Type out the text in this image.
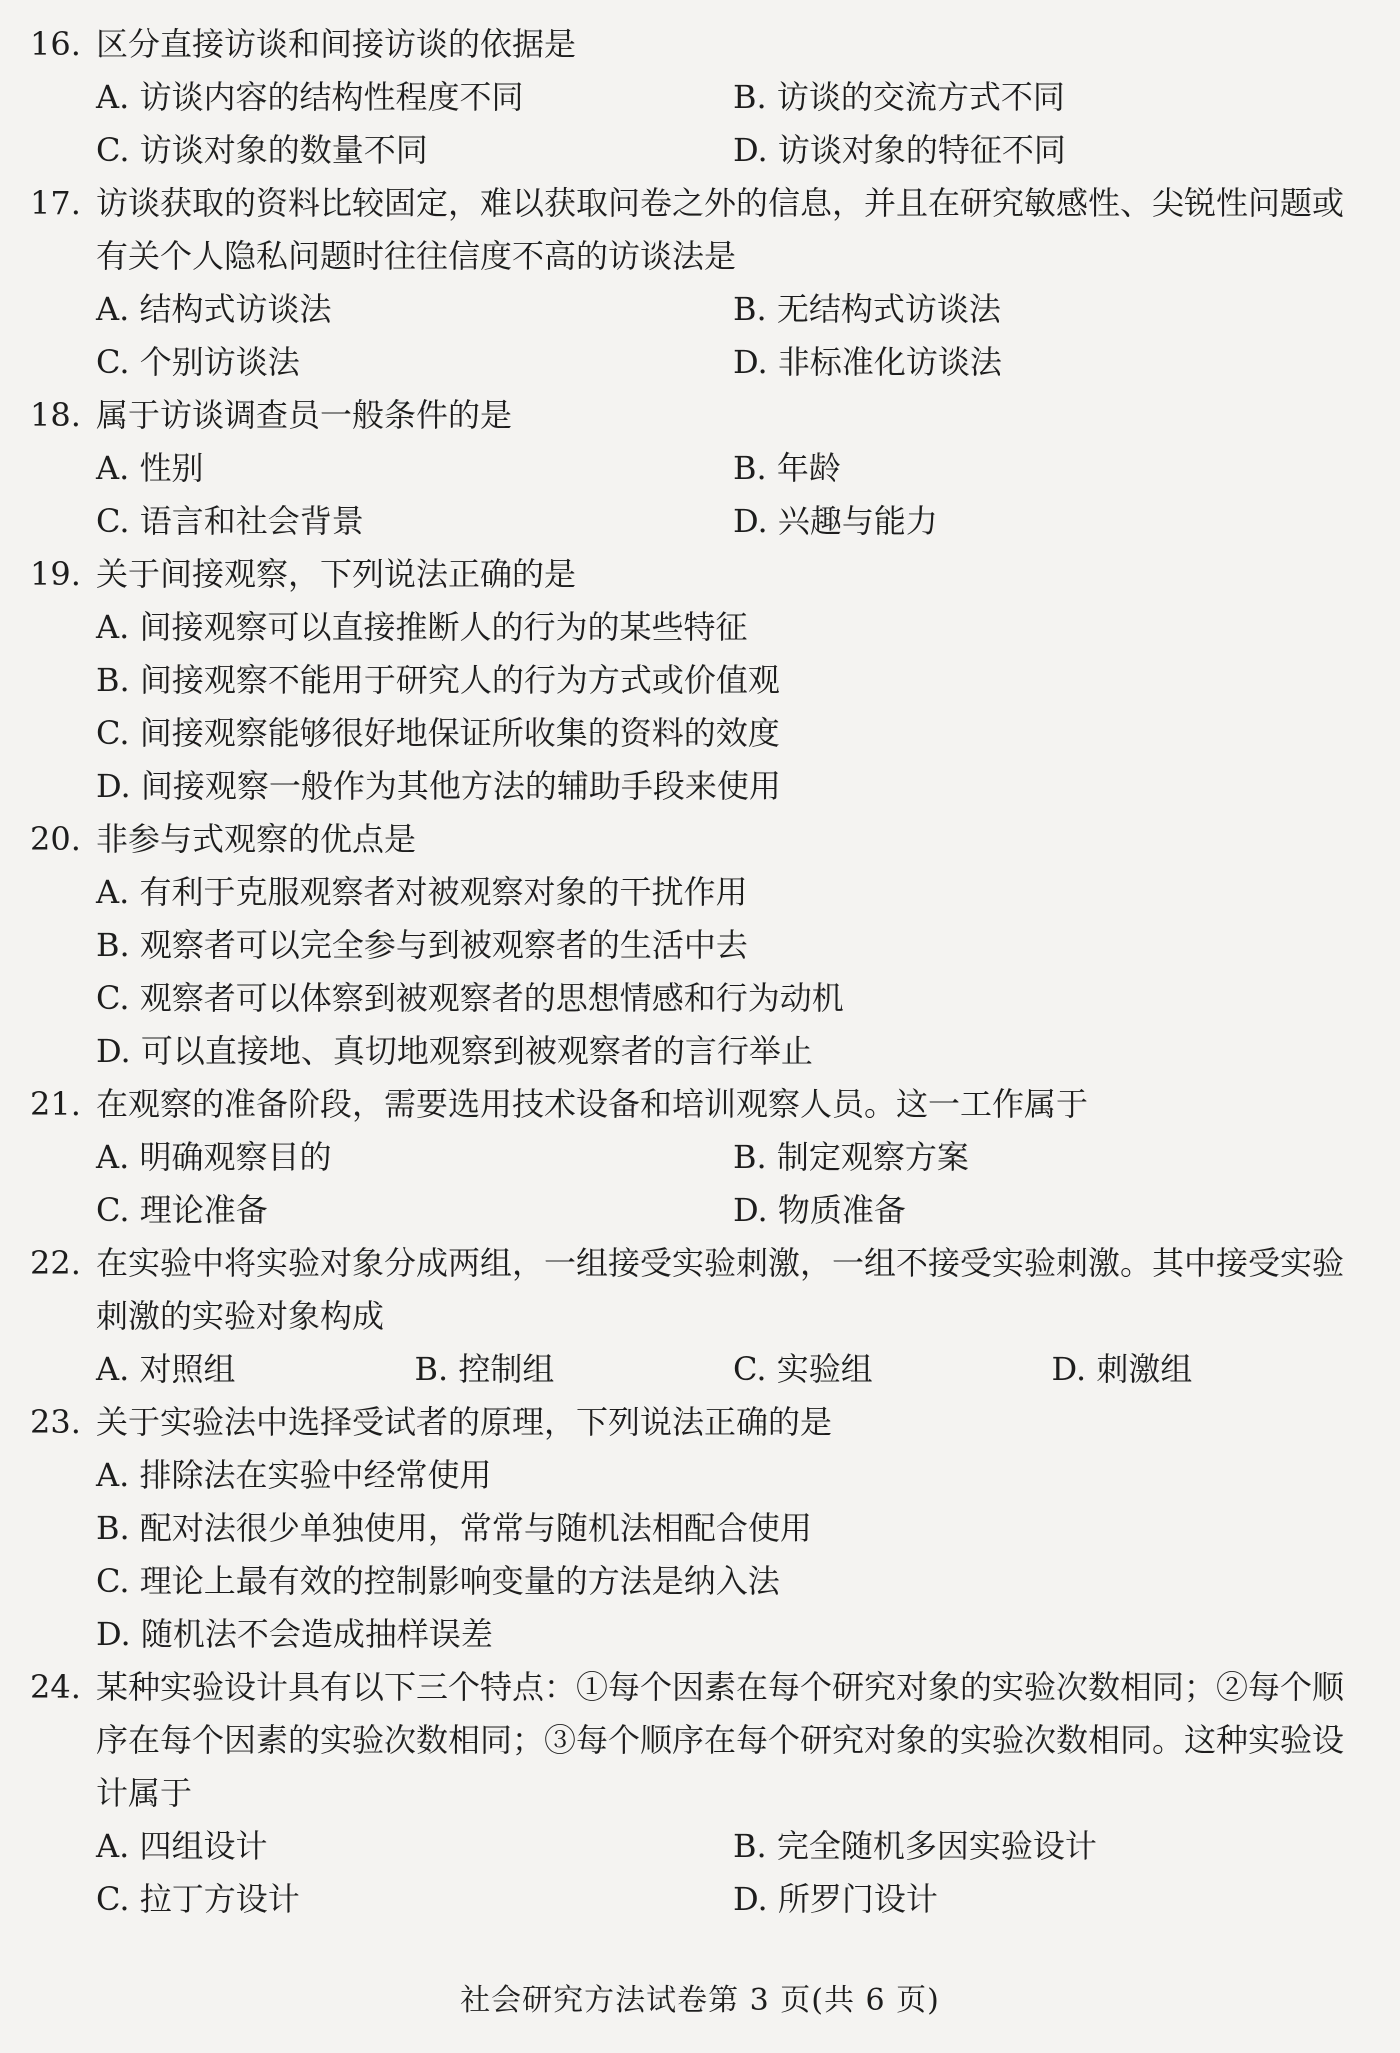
16. 区分直接访谈和间接访谈的依据是
A. 访谈内容的结构性程度不同	B. 访谈的交流方式不同
C. 访谈对象的数量不同	D. 访谈对象的特征不同
17. 访谈获取的资料比较固定，难以获取问卷之外的信息，并且在研究敏感性、尖锐性问题或有关个人隐私问题时往往信度不高的访谈法是
A. 结构式访谈法	B. 无结构式访谈法
C. 个别访谈法	D. 非标准化访谈法
18. 属于访谈调查员一般条件的是
A. 性别	B. 年龄
C. 语言和社会背景	D. 兴趣与能力
19. 关于间接观察，下列说法正确的是
A. 间接观察可以直接推断人的行为的某些特征
B. 间接观察不能用于研究人的行为方式或价值观
C. 间接观察能够很好地保证所收集的资料的效度
D. 间接观察一般作为其他方法的辅助手段来使用
20. 非参与式观察的优点是
A. 有利于克服观察者对被观察对象的干扰作用
B. 观察者可以完全参与到被观察者的生活中去
C. 观察者可以体察到被观察者的思想情感和行为动机
D. 可以直接地、真切地观察到被观察者的言行举止
21. 在观察的准备阶段，需要选用技术设备和培训观察人员。这一工作属于
A. 明确观察目的	B. 制定观察方案
C. 理论准备	D. 物质准备
22. 在实验中将实验对象分成两组，一组接受实验刺激，一组不接受实验刺激。其中接受实验刺激的实验对象构成
A. 对照组	B. 控制组	C. 实验组	D. 刺激组
23. 关于实验法中选择受试者的原理，下列说法正确的是
A. 排除法在实验中经常使用
B. 配对法很少单独使用，常常与随机法相配合使用
C. 理论上最有效的控制影响变量的方法是纳入法
D. 随机法不会造成抽样误差
24. 某种实验设计具有以下三个特点：①每个因素在每个研究对象的实验次数相同；②每个顺序在每个因素的实验次数相同；③每个顺序在每个研究对象的实验次数相同。这种实验设计属于
A. 四组设计	B. 完全随机多因实验设计
C. 拉丁方设计	D. 所罗门设计
社会研究方法试卷第 3 页(共 6 页)
